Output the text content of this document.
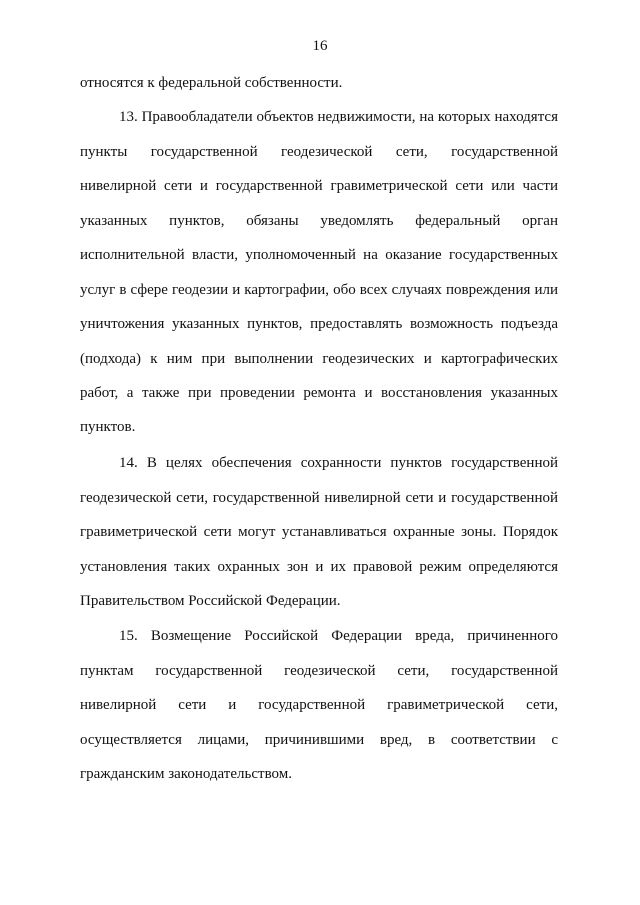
16
относятся к федеральной собственности.
13. Правообладатели объектов недвижимости, на которых находятся
пункты государственной геодезической сети, государственной
нивелирной сети и государственной гравиметрической сети или части
указанных пунктов, обязаны уведомлять федеральный орган
исполнительной власти, уполномоченный на оказание государственных
услуг в сфере геодезии и картографии, обо всех случаях повреждения или
уничтожения указанных пунктов, предоставлять возможность подъезда
(подхода) к ним при выполнении геодезических и картографических
работ, а также при проведении ремонта и восстановления указанных
пунктов.
14. В целях обеспечения сохранности пунктов государственной
геодезической сети, государственной нивелирной сети и государственной
гравиметрической сети могут устанавливаться охранные зоны. Порядок
установления таких охранных зон и их правовой режим определяются
Правительством Российской Федерации.
15. Возмещение Российской Федерации вреда, причиненного
пунктам государственной геодезической сети, государственной
нивелирной сети и государственной гравиметрической сети,
осуществляется лицами, причинившими вред, в соответствии с
гражданским законодательством.
